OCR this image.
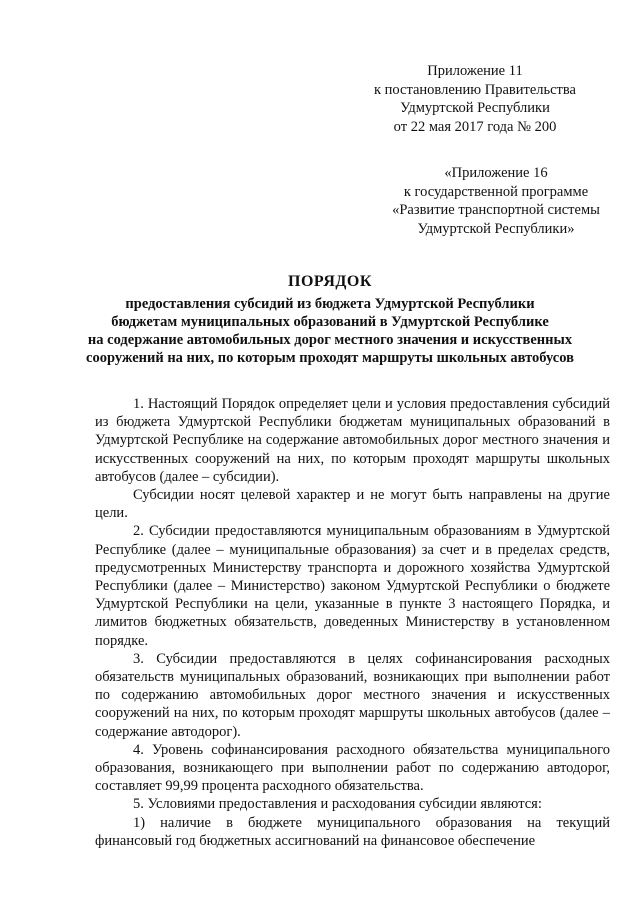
Приложение 11
к постановлению Правительства
Удмуртской Республики
от 22 мая 2017 года № 200
«Приложение 16
к государственной программе
«Развитие транспортной системы
Удмуртской Республики»
ПОРЯДОК
предоставления субсидий из бюджета Удмуртской Республики
бюджетам муниципальных образований в Удмуртской Республике
на содержание автомобильных дорог местного значения и искусственных
сооружений на них, по которым проходят маршруты школьных автобусов

1. Настоящий Порядок определяет цели и условия предоставления субсидий из бюджета Удмуртской Республики бюджетам муниципальных образований в Удмуртской Республике на содержание автомобильных дорог местного значения и искусственных сооружений на них, по которым проходят маршруты школьных автобусов (далее – субсидии).

Субсидии носят целевой характер и не могут быть направлены на другие цели.

2. Субсидии предоставляются муниципальным образованиям в Удмуртской Республике (далее – муниципальные образования) за счет и в пределах средств, предусмотренных Министерству транспорта и дорожного хозяйства Удмуртской Республики (далее – Министерство) законом Удмуртской Республики о бюджете Удмуртской Республики на цели, указанные в пункте 3 настоящего Порядка, и лимитов бюджетных обязательств, доведенных Министерству в установленном порядке.

3. Субсидии предоставляются в целях софинансирования расходных обязательств муниципальных образований, возникающих при выполнении работ по содержанию автомобильных дорог местного значения и искусственных сооружений на них, по которым проходят маршруты школьных автобусов (далее – содержание автодорог).

4. Уровень софинансирования расходного обязательства муниципального образования, возникающего при выполнении работ по содержанию автодорог, составляет 99,99 процента расходного обязательства.

5. Условиями предоставления и расходования субсидии являются:

1) наличие в бюджете муниципального образования на текущий финансовый год бюджетных ассигнований на финансовое обеспечение
